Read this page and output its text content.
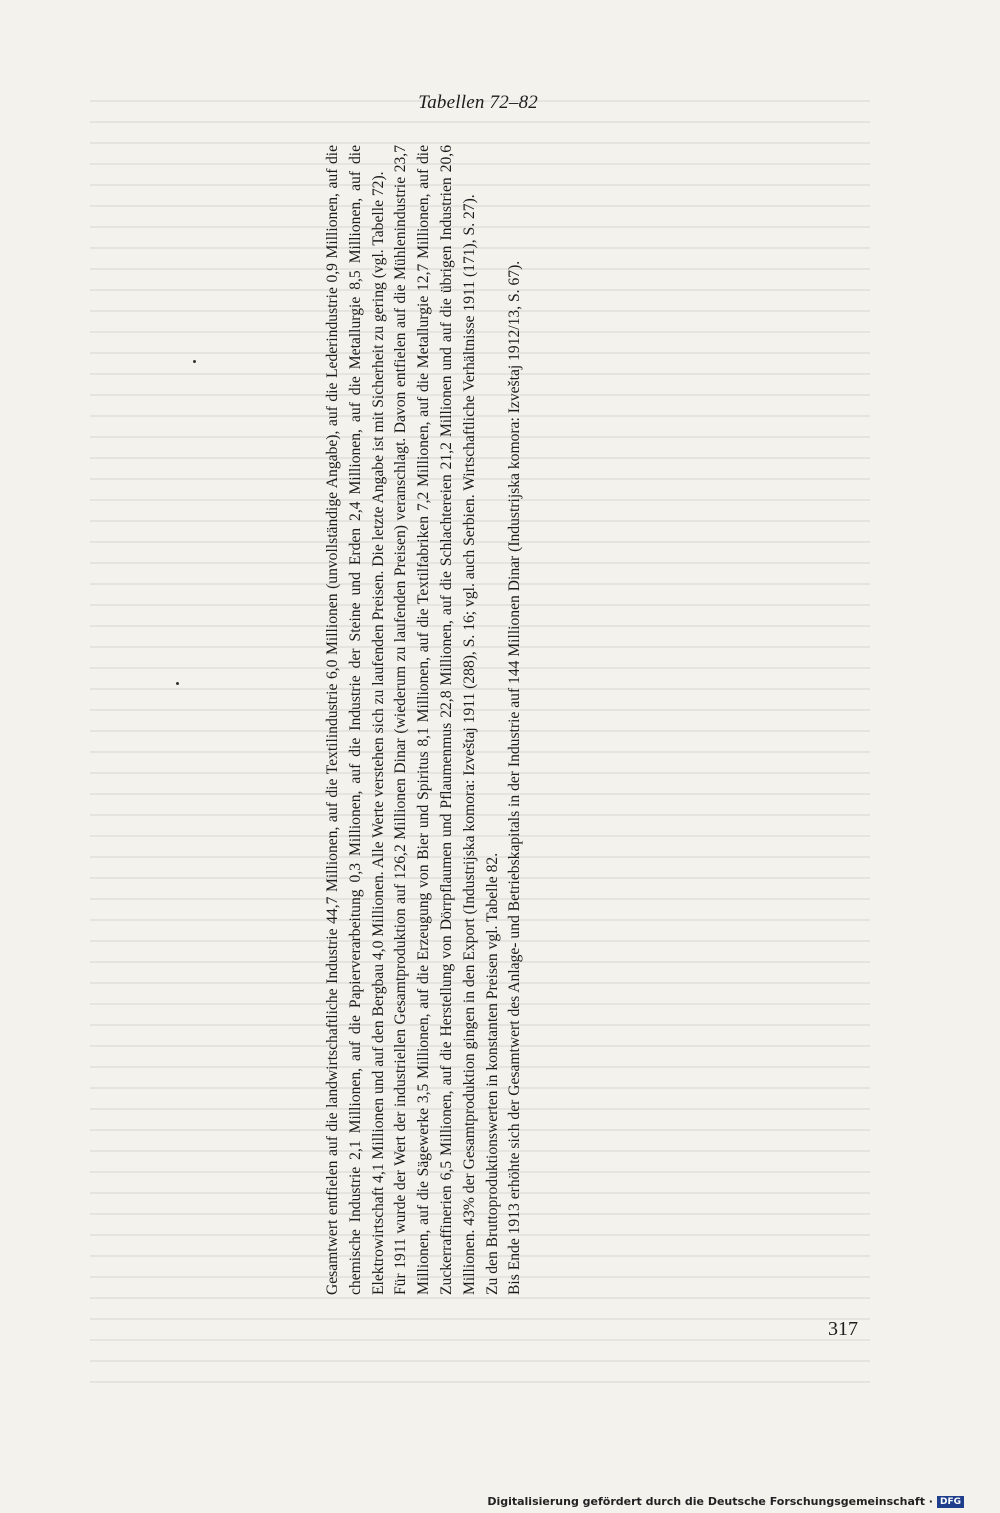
Tabellen 72–82

Gesamtwert entfielen auf die landwirtschaftliche Industrie 44,7 Millionen, auf die Textilindustrie 6,0 Millionen (unvollständige Angabe), auf die Lederindustrie 0,9 Millionen, auf die chemische Industrie 2,1 Millionen, auf die Papierverarbeitung 0,3 Millionen, auf die Industrie der Steine und Erden 2,4 Millionen, auf die Metallurgie 8,5 Millionen, auf die Elektrowirtschaft 4,1 Millionen und auf den Bergbau 4,0 Millionen. Alle Werte verstehen sich zu laufenden Preisen. Die letzte Angabe ist mit Sicherheit zu gering (vgl. Tabelle 72). Für 1911 wurde der Wert der industriellen Gesamtproduktion auf 126,2 Millionen Dinar (wiederum zu laufenden Preisen) veranschlagt. Davon entfielen auf die Mühlenindustrie 23,7 Millionen, auf die Sägewerke 3,5 Millionen, auf die Erzeugung von Bier und Spiritus 8,1 Millionen, auf die Textilfabriken 7,2 Millionen, auf die Metallurgie 12,7 Millionen, auf die Zuckerraffinerien 6,5 Millionen, auf die Herstellung von Dörrpflaumen und Pflaumenmus 22,8 Millionen, auf die Schlachtereien 21,2 Millionen und auf die übrigen Industrien 20,6 Millionen. 43% der Gesamtproduktion gingen in den Export (Industrijska komora: Izveštaj 1911 (288), S. 16; vgl. auch Serbien. Wirtschaftliche Verhältnisse 1911 (171), S. 27). Zu den Bruttoproduktionswerten in konstanten Preisen vgl. Tabelle 82. Bis Ende 1913 erhöhte sich der Gesamtwert des Anlage- und Betriebskapitals in der Industrie auf 144 Millionen Dinar (Industrijska komora: Izveštaj 1912/13, S. 67).

317
Digitalisierung gefördert durch die Deutsche Forschungsgemeinschaft · DFG
